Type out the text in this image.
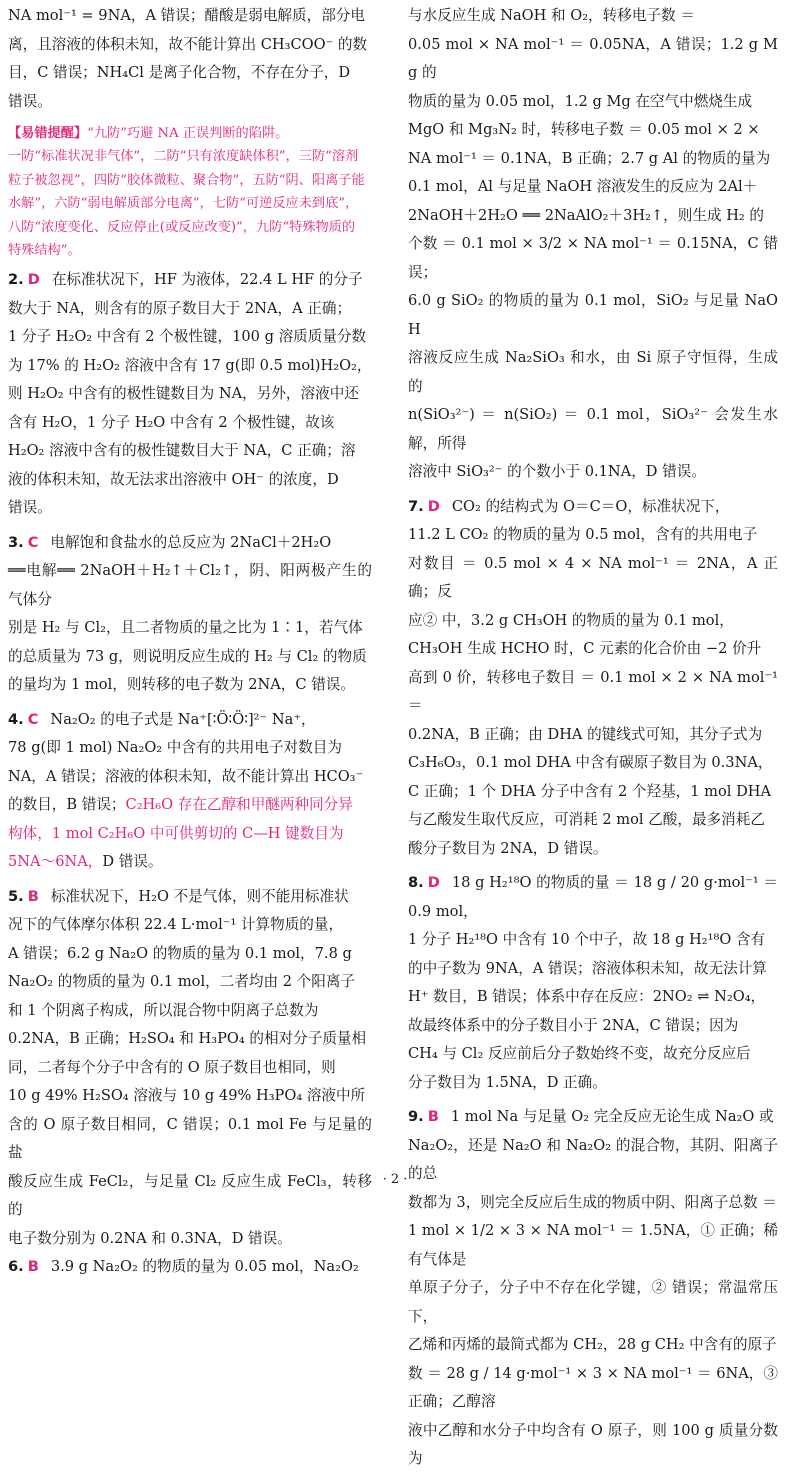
NA mol⁻¹ = 9NA，A 错误；醋酸是弱电解质，部分电

离，且溶液的体积未知，故不能计算出 CH₃COO⁻ 的数

目，C 错误；NH₄Cl 是离子化合物，不存在分子，D

错误。

【易错提醒】“九防”巧避 NA 正误判断的陷阱。
一防“标准状况非气体”，二防“只有浓度缺体积”，三防“溶剂
粒子被忽视”，四防“胶体微粒、聚合物”，五防“阴、阳离子能
水解”，六防“弱电解质部分电离”，七防“可逆反应未到底”，
八防“浓度变化、反应停止(或反应改变)”，九防“特殊物质的
特殊结构”。

2. D 在标准状况下，HF 为液体，22.4 L HF 的分子

数大于 NA，则含有的原子数目大于 2NA，A 正确；

1 分子 H₂O₂ 中含有 2 个极性键，100 g 溶质质量分数

为 17% 的 H₂O₂ 溶液中含有 17 g(即 0.5 mol)H₂O₂，

则 H₂O₂ 中含有的极性键数目为 NA，另外，溶液中还

含有 H₂O，1 分子 H₂O 中含有 2 个极性键，故该

H₂O₂ 溶液中含有的极性键数目大于 NA，C 正确；溶

液的体积未知，故无法求出溶液中 OH⁻ 的浓度，D

错误。

3. C 电解饱和食盐水的总反应为 2NaCl＋2H₂O

══电解══ 2NaOH＋H₂↑＋Cl₂↑，阴、阳两极产生的气体分

别是 H₂ 与 Cl₂，且二者物质的量之比为 1∶1，若气体

的总质量为 73 g，则说明反应生成的 H₂ 与 Cl₂ 的物质

的量均为 1 mol，则转移的电子数为 2NA，C 错误。

4. C Na₂O₂ 的电子式是 Na⁺[∶Ö∶Ö∶]²⁻ Na⁺，

78 g(即 1 mol) Na₂O₂ 中含有的共用电子对数目为

NA，A 错误；溶液的体积未知，故不能计算出 HCO₃⁻

的数目，B 错误；C₂H₆O 存在乙醇和甲醚两种同分异

构体，1 mol C₂H₆O 中可供剪切的 C—H 键数目为

5NA～6NA，D 错误。

5. B 标准状况下，H₂O 不是气体，则不能用标准状

况下的气体摩尔体积 22.4 L·mol⁻¹ 计算物质的量，

A 错误；6.2 g Na₂O 的物质的量为 0.1 mol，7.8 g

Na₂O₂ 的物质的量为 0.1 mol，二者均由 2 个阳离子

和 1 个阴离子构成，所以混合物中阴离子总数为

0.2NA，B 正确；H₂SO₄ 和 H₃PO₄ 的相对分子质量相

同，二者每个分子中含有的 O 原子数目也相同，则

10 g 49% H₂SO₄ 溶液与 10 g 49% H₃PO₄ 溶液中所

含的 O 原子数目相同，C 错误；0.1 mol Fe 与足量的盐

酸反应生成 FeCl₂，与足量 Cl₂ 反应生成 FeCl₃，转移的

电子数分别为 0.2NA 和 0.3NA，D 错误。

6. B 3.9 g Na₂O₂ 的物质的量为 0.05 mol，Na₂O₂

与水反应生成 NaOH 和 O₂，转移电子数 ＝

0.05 mol × NA mol⁻¹ ＝ 0.05NA，A 错误；1.2 g Mg 的

物质的量为 0.05 mol，1.2 g Mg 在空气中燃烧生成

MgO 和 Mg₃N₂ 时，转移电子数 ＝ 0.05 mol × 2 ×

NA mol⁻¹ ＝ 0.1NA，B 正确；2.7 g Al 的物质的量为

0.1 mol，Al 与足量 NaOH 溶液发生的反应为 2Al＋

2NaOH＋2H₂O ══ 2NaAlO₂＋3H₂↑，则生成 H₂ 的

个数 ＝ 0.1 mol × 3/2 × NA mol⁻¹ ＝ 0.15NA，C 错误；

6.0 g SiO₂ 的物质的量为 0.1 mol，SiO₂ 与足量 NaOH

溶液反应生成 Na₂SiO₃ 和水，由 Si 原子守恒得，生成的

n(SiO₃²⁻) ＝ n(SiO₂) ＝ 0.1 mol，SiO₃²⁻ 会发生水解，所得

溶液中 SiO₃²⁻ 的个数小于 0.1NA，D 错误。

7. D CO₂ 的结构式为 O＝C＝O，标准状况下，

11.2 L CO₂ 的物质的量为 0.5 mol，含有的共用电子

对数目 ＝ 0.5 mol × 4 × NA mol⁻¹ ＝ 2NA，A 正确；反

应② 中，3.2 g CH₃OH 的物质的量为 0.1 mol，

CH₃OH 生成 HCHO 时，C 元素的化合价由 −2 价升

高到 0 价，转移电子数目 ＝ 0.1 mol × 2 × NA mol⁻¹ ＝

0.2NA，B 正确；由 DHA 的键线式可知，其分子式为

C₃H₆O₃，0.1 mol DHA 中含有碳原子数目为 0.3NA，

C 正确；1 个 DHA 分子中含有 2 个羟基，1 mol DHA

与乙酸发生取代反应，可消耗 2 mol 乙酸，最多消耗乙

酸分子数目为 2NA，D 错误。

8. D 18 g H₂¹⁸O 的物质的量 ＝ 18 g / 20 g·mol⁻¹ ＝ 0.9 mol，

1 分子 H₂¹⁸O 中含有 10 个中子，故 18 g H₂¹⁸O 含有

的中子数为 9NA，A 错误；溶液体积未知，故无法计算

H⁺ 数目，B 错误；体系中存在反应：2NO₂ ⇌ N₂O₄，

故最终体系中的分子数目小于 2NA，C 错误；因为

CH₄ 与 Cl₂ 反应前后分子数始终不变，故充分反应后

分子数目为 1.5NA，D 正确。

9. B 1 mol Na 与足量 O₂ 完全反应无论生成 Na₂O 或

Na₂O₂，还是 Na₂O 和 Na₂O₂ 的混合物，其阴、阳离子的总

数都为 3，则完全反应后生成的物质中阴、阳离子总数 ＝

1 mol × 1/2 × 3 × NA mol⁻¹ ＝ 1.5NA，① 正确；稀有气体是

单原子分子，分子中不存在化学键，② 错误；常温常压下，

乙烯和丙烯的最简式都为 CH₂，28 g CH₂ 中含有的原子

数 ＝ 28 g / 14 g·mol⁻¹ × 3 × NA mol⁻¹ ＝ 6NA，③ 正确；乙醇溶

液中乙醇和水分子中均含有 O 原子，则 100 g 质量分数为

· 2 ·
